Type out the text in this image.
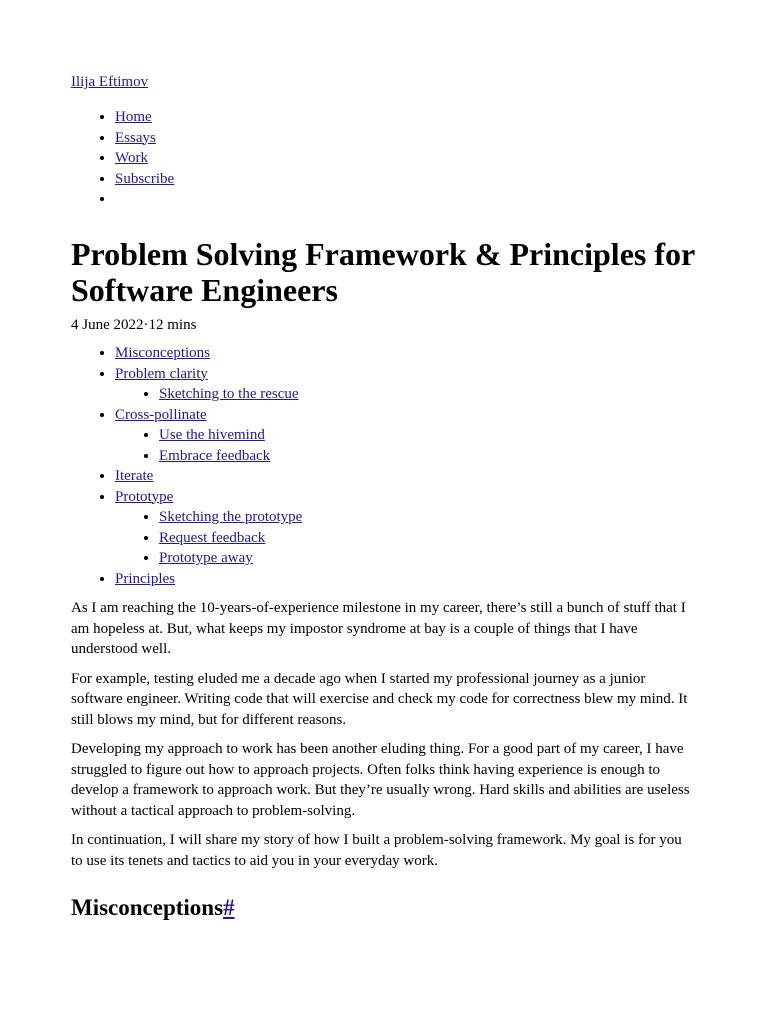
Ilija Eftimov
• Home
• Essays
• Work
• Subscribe
•
Problem Solving Framework & Principles for Software Engineers
4 June 2022·12 mins
• Misconceptions
• Problem clarity
• Sketching to the rescue
• Cross-pollinate
• Use the hivemind
• Embrace feedback
• Iterate
• Prototype
• Sketching the prototype
• Request feedback
• Prototype away
• Principles

As I am reaching the 10-years-of-experience milestone in my career, there’s still a bunch of stuff that I am hopeless at. But, what keeps my impostor syndrome at bay is a couple of things that I have understood well.

For example, testing eluded me a decade ago when I started my professional journey as a junior software engineer. Writing code that will exercise and check my code for correctness blew my mind. It still blows my mind, but for different reasons.

Developing my approach to work has been another eluding thing. For a good part of my career, I have struggled to figure out how to approach projects. Often folks think having experience is enough to develop a framework to approach work. But they’re usually wrong. Hard skills and abilities are useless without a tactical approach to problem-solving.

In continuation, I will share my story of how I built a problem-solving framework. My goal is for you to use its tenets and tactics to aid you in your everyday work.

Misconceptions#
